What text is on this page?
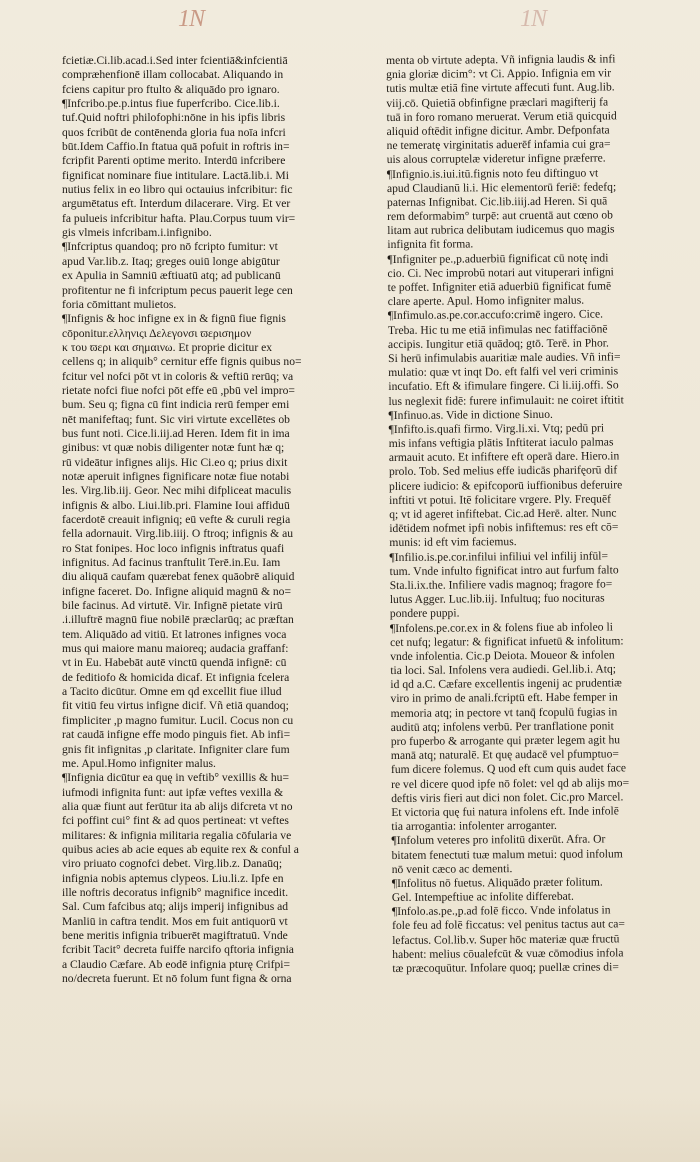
1N	1N
fcietiæ.Ci.lib.acad.i.Sed inter fcientiā&infcientiā
compræhenfionē illam collocabat. Aliquando in
fciens capitur pro ftulto & aliquādo pro ignaro.
¶Infcribo.pe.p.intus fiue fuperfcribo. Cice.lib.i.
tuf.Quid noftri philofophi:nōne in his ipfis libris
quos fcribūt de contēnenda gloria fua noīa infcri
būt.Idem Caffio.In ftatua quā pofuit in roftris in=
fcripfit Parenti optime merito. Interdū infcribere
fignificat nominare fiue intitulare. Lactā.lib.i. Mi
nutius felix in eo libro qui octauius infcribitur: fic
argumētatus eft. Interdum dilacerare. Virg. Et ver
fa pulueis infcribitur hafta. Plau.Corpus tuum vir=
gis vlmeis infcribam.i.infignibo.
¶Infcriptus quandoq; pro nō fcripto fumitur: vt
apud Var.lib.z. Itaq; greges ouiū longe abigūtur
ex Apulia in Samniū æftiuatū atq; ad publicanū
profitentur ne fi infcriptum pecus pauerit lege cen
foria cōmittant mulietos.
¶Infignis & hoc infigne ex in & fignū fiue fignis
cōponitur.ελληνιςι Δελεγονσι ϖερισημον
κ του ϖερι και σημαινω. Et proprie dicitur ex
cellens q; in aliquib° cernitur effe fignis quibus no=
fcitur vel nofci pōt vt in coloris & veftiū rerūq; va
rietate nofci fiue nofci pōt effe eū ,pbū vel impro=
bum. Seu q; figna cū fint indicia rerū femper emi
nēt manifeftaq; funt. Sic viri virtute excellētes ob
bus funt noti. Cice.li.iij.ad Heren. Idem fit in ima
ginibus: vt quæ nobis diligenter notæ funt hæ q;
rū videātur infignes alijs. Hic Ci.eo q; prius dixit
notæ aperuit infignes fignificare notæ fiue notabi
les. Virg.lib.iij. Geor. Nec mihi difpliceat maculis
infignis & albo. Liui.lib.pri. Flamine Ioui affiduū
facerdotē creauit infigniq; eū vefte & curuli regia
fella adornauit. Virg.lib.iiij. O ftroq; infignis & au
ro Stat fonipes. Hoc loco infignis inftratus quafi
infignitus. Ad facinus tranftulit Terē.in.Eu. Iam
diu aliquā caufam quærebat fenex quāobrē aliquid
infigne faceret. Do. Infigne aliquid magnū & no=
bile facinus. Ad virtutē. Vir. Infignē pietate virū
.i.illuftrē magnū fiue nobilē præclarūq; ac præftan
tem. Aliquādo ad vitiū. Et latrones infignes voca
mus qui maiore manu maioreq; audacia graffanf:
vt in Eu. Habebāt autē vinctū quendā infignē: cū
de feditiofo & homicida dicaf. Et infignia fcelera
a Tacito dicūtur. Omne em qd excellit fiue illud
fit vitiū feu virtus infigne dicif. Vñ etiā quandoq;
fimpliciter ,p magno fumitur. Lucil. Cocus non cu
rat caudā infigne effe modo pinguis fiet. Ab infi=
gnis fit infignitas ,p claritate. Infigniter clare fum
me. Apul.Homo infigniter malus.
¶Infignia dicūtur ea quę in veftib° vexillis & hu=
iufmodi infignita funt: aut ipfæ veftes vexilla &
alia quæ fiunt aut ferūtur ita ab alijs difcreta vt no
fci poffint cui° fint & ad quos pertineat: vt veftes
militares: & infignia militaria regalia cōfularia ve
quibus acies ab acie eques ab equite rex & conful a
viro priuato cognofci debet. Virg.lib.z. Danaūq;
infignia nobis aptemus clypeos. Liu.li.z. Ipfe en
ille noftris decoratus infignib° magnifice incedit.
Sal. Cum fafcibus atq; alijs imperij infignibus ad
Manliū in caftra tendit. Mos em fuit antiquorū vt
bene meritis infignia tribuerēt magiftratuū. Vnde
fcribit Tacit° decreta fuiffe narcifo qftoria infignia
a Claudio Cæfare. Ab eodē infignia pturę Crifpi=
no/decreta fuerunt. Et nō folum funt figna & orna
menta ob virtute adepta. Vñ infignia laudis & infi
gnia gloriæ dicim°: vt Ci. Appio. Infignia em vir
tutis multæ etiā fine virtute affecuti funt. Aug.lib.
viij.cō. Quietiā obfinfigne præclari magifterij fa
tuā in foro romano meruerat. Verum etiā quicquid
aliquid oftēdit infigne dicitur. Ambr. Defponfata
ne temeratę virginitatis aduerēf infamia cui gra=
uis alous corruptelæ videretur infigne præferre.
¶Infignio.is.iui.itū.fignis noto feu diftinguo vt
apud Claudianū li.i. Hic elementorū feriē: fedefq;
paternas Infignibat. Cic.lib.iiij.ad Heren. Si quā
rem deformabim° turpē: aut cruentā aut cœno ob
litam aut rubrica delibutam iudicemus quo magis
infignita fit forma.
¶Infigniter pe.,p.aduerbiū fignificat cū notę indi
cio. Ci. Nec improbū notari aut vituperari infigni
te poffet. Infigniter etiā aduerbiū fignificat fumē
clare aperte. Apul. Homo infigniter malus.
¶Infimulo.as.pe.cor.accufo:crimē ingero. Cice.
Treba. Hic tu me etiā infimulas nec fatiffaciōnē
accipis. Iungitur etiā quādoq; gtō. Terē. in Phor.
Si herū infimulabis auaritiæ male audies. Vñ infi=
mulatio: quæ vt inqt Do. eft falfi vel veri criminis
incufatio. Eft & ifimulare fingere. Ci li.iij.offi. So
lus neglexit fidē: furere infimulauit: ne coiret iftitit
¶Infinuo.as. Vide in dictione Sinuo.
¶Infifto.is.quafi firmo. Virg.li.xi. Vtq; pedū pri
mis infans veftigia plātis Inftiterat iaculo palmas
armauit acuto. Et infiftere eft operā dare. Hiero.in
prolo. Tob. Sed melius effe iudicās pharifęorū dif
plicere iudicio: & epifcoporū iuffionibus deferuire
inftiti vt potui. Itē folicitare vrgere. Ply. Frequēf
q; vt id ageret infiftebat. Cic.ad Herē. alter. Nunc
idētidem nofmet ipfi nobis infiftemus: res eft cō=
munis: id eft vim faciemus.
¶Infilio.is.pe.cor.infilui infiliui vel infilij infūl=
tum. Vnde infulto fignificat intro aut furfum falto
Sta.li.ix.the. Infiliere vadis magnoq; fragore fo=
lutus Agger. Luc.lib.iij. Infultuq; fuo nocituras
pondere puppi.
¶Infolens.pe.cor.ex in & folens fiue ab infoleo li
cet nufq; legatur: & fignificat infuetū & infolitum:
vnde infolentia. Cic.p Deiota. Moueor & infolen
tia loci. Sal. Infolens vera audiedi. Gel.lib.i. Atq;
id qd a.C. Cæfare excellentis ingenij ac prudentiæ
viro in primo de anali.fcriptū eft. Habe femper in
memoria atq; in pectore vt tanq̄ fcopulū fugias in
auditū atq; infolens verbū. Per tranflatione ponit
pro fuperbo & arrogante qui præter legem agit hu
manā atq; naturalē. Et quę audacē vel pfumptuo=
fum dicere folemus. Q uod eft cum quis audet face
re vel dicere quod ipfe nō folet: vel qd ab alijs mo=
deftis viris fieri aut dici non folet. Cic.pro Marcel.
Et victoria quę fui natura infolens eft. Inde infolē
tia arrogantia: infolenter arroganter.
¶Infolum veteres pro infolitū dixerūt. Afra. Or
bitatem fenectuti tuæ malum metui: quod infolum
nō venit cæco ac dementi.
¶Infolitus nō fuetus. Aliquādo præter folitum.
Gel. Intempeftiue ac infolite differebat.
¶Infolo.as.pe.,p.ad folē ficco. Vnde infolatus in
fole feu ad folē ficcatus: vel penitus tactus aut ca=
lefactus. Col.lib.v. Super hōc materiæ quæ fructū
habent: melius cōualefcūt & vuæ cōmodius infola
tæ præcoquūtur. Infolare quoq; puellæ crines di=
